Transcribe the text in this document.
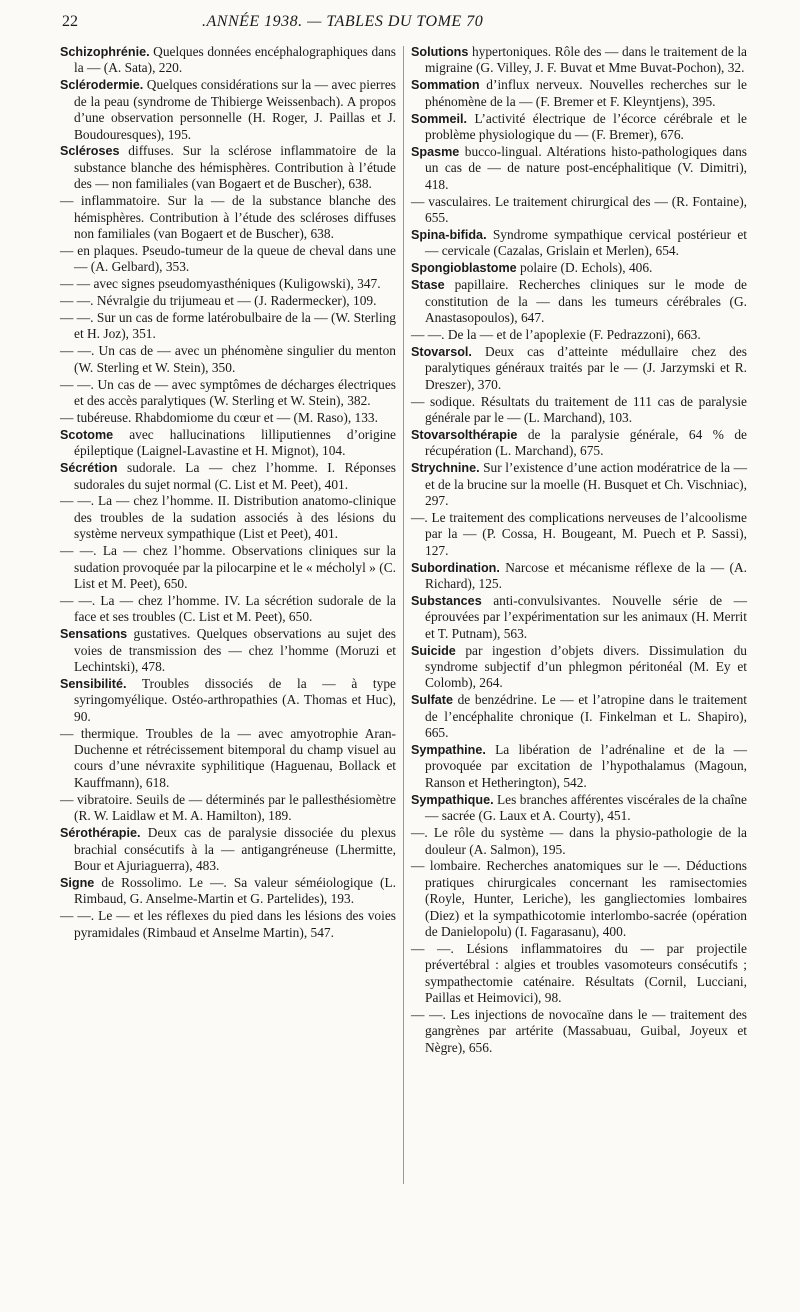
22	.ANNÉE 1938. — TABLES DU TOME 70

Schizophrénie. Quelques données encéphalographiques dans la — (A. Sata), 220.

Sclérodermie. Quelques considérations sur la — avec pierres de la peau (syndrome de Thibierge Weissenbach). A propos d’une observation personnelle (H. Roger, J. Paillas et J. Boudouresques), 195.

Scléroses diffuses. Sur la sclérose inflammatoire de la substance blanche des hémisphères. Contribution à l’étude des — non familiales (van Bogaert et de Buscher), 638.

— inflammatoire. Sur la — de la substance blanche des hémisphères. Contribution à l’étude des scléroses diffuses non familiales (van Bogaert et de Buscher), 638.

— en plaques. Pseudo-tumeur de la queue de cheval dans une — (A. Gelbard), 353.

— — avec signes pseudomyasthéniques (Kuligowski), 347.

— —. Névralgie du trijumeau et — (J. Radermecker), 109.

— —. Sur un cas de forme latérobulbaire de la — (W. Sterling et H. Joz), 351.

— —. Un cas de — avec un phénomène singulier du menton (W. Sterling et W. Stein), 350.

— —. Un cas de — avec symptômes de décharges électriques et des accès paralytiques (W. Sterling et W. Stein), 382.

— tubéreuse. Rhabdomiome du cœur et — (M. Raso), 133.

Scotome avec hallucinations lilliputiennes d’origine épileptique (Laignel-Lavastine et H. Mignot), 104.

Sécrétion sudorale. La — chez l’homme. I. Réponses sudorales du sujet normal (C. List et M. Peet), 401.

— —. La — chez l’homme. II. Distribution anatomo-clinique des troubles de la sudation associés à des lésions du système nerveux sympathique (List et Peet), 401.

— —. La — chez l’homme. Observations cliniques sur la sudation provoquée par la pilocarpine et le « mécholyl » (C. List et M. Peet), 650.

— —. La — chez l’homme. IV. La sécrétion sudorale de la face et ses troubles (C. List et M. Peet), 650.

Sensations gustatives. Quelques observations au sujet des voies de transmission des — chez l’homme (Moruzi et Lechintski), 478.

Sensibilité. Troubles dissociés de la — à type syringomyélique. Ostéo-arthropathies (A. Thomas et Huc), 90.

— thermique. Troubles de la — avec amyotrophie Aran-Duchenne et rétrécissement bitemporal du champ visuel au cours d’une névraxite syphilitique (Haguenau, Bollack et Kauffmann), 618.

— vibratoire. Seuils de — déterminés par le pallesthésiomètre (R. W. Laidlaw et M. A. Hamilton), 189.

Sérothérapie. Deux cas de paralysie dissociée du plexus brachial consécutifs à la — antigangréneuse (Lhermitte, Bour et Ajuriaguerra), 483.

Signe de Rossolimo. Le —. Sa valeur séméiologique (L. Rimbaud, G. Anselme-Martin et G. Partelides), 193.

— —. Le — et les réflexes du pied dans les lésions des voies pyramidales (Rimbaud et Anselme Martin), 547.

Solutions hypertoniques. Rôle des — dans le traitement de la migraine (G. Villey, J. F. Buvat et Mme Buvat-Pochon), 32.

Sommation d’influx nerveux. Nouvelles recherches sur le phénomène de la — (F. Bremer et F. Kleyntjens), 395.

Sommeil. L’activité électrique de l’écorce cérébrale et le problème physiologique du — (F. Bremer), 676.

Spasme bucco-lingual. Altérations histo-pathologiques dans un cas de — de nature post-encéphalitique (V. Dimitri), 418.

— vasculaires. Le traitement chirurgical des — (R. Fontaine), 655.

Spina-bifida. Syndrome sympathique cervical postérieur et — cervicale (Cazalas, Grislain et Merlen), 654.

Spongioblastome polaire (D. Echols), 406.

Stase papillaire. Recherches cliniques sur le mode de constitution de la — dans les tumeurs cérébrales (G. Anastasopoulos), 647.

— —. De la — et de l’apoplexie (F. Pedrazzoni), 663.

Stovarsol. Deux cas d’atteinte médullaire chez des paralytiques généraux traités par le — (J. Jarzymski et R. Dreszer), 370.

— sodique. Résultats du traitement de 111 cas de paralysie générale par le — (L. Marchand), 103.

Stovarsolthérapie de la paralysie générale, 64 % de récupération (L. Marchand), 675.

Strychnine. Sur l’existence d’une action modératrice de la — et de la brucine sur la moelle (H. Busquet et Ch. Vischniac), 297.

—. Le traitement des complications nerveuses de l’alcoolisme par la — (P. Cossa, H. Bougeant, M. Puech et P. Sassi), 127.

Subordination. Narcose et mécanisme réflexe de la — (A. Richard), 125.

Substances anti-convulsivantes. Nouvelle série de — éprouvées par l’expérimentation sur les animaux (H. Merrit et T. Putnam), 563.

Suicide par ingestion d’objets divers. Dissimulation du syndrome subjectif d’un phlegmon péritonéal (M. Ey et Colomb), 264.

Sulfate de benzédrine. Le — et l’atropine dans le traitement de l’encéphalite chronique (I. Finkelman et L. Shapiro), 665.

Sympathine. La libération de l’adrénaline et de la — provoquée par excitation de l’hypothalamus (Magoun, Ranson et Hetherington), 542.

Sympathique. Les branches afférentes viscérales de la chaîne — sacrée (G. Laux et A. Courty), 451.

—. Le rôle du système — dans la physio-pathologie de la douleur (A. Salmon), 195.

— lombaire. Recherches anatomiques sur le —. Déductions pratiques chirurgicales concernant les ramisectomies (Royle, Hunter, Leriche), les gangliectomies lombaires (Diez) et la sympathicotomie interlombo-sacrée (opération de Danielopolu) (I. Fagarasanu), 400.

— —. Lésions inflammatoires du — par projectile prévertébral : algies et troubles vasomoteurs consécutifs ; sympathectomie caténaire. Résultats (Cornil, Lucciani, Paillas et Heimovici), 98.

— —. Les injections de novocaïne dans le — traitement des gangrènes par artérite (Massabuau, Guibal, Joyeux et Nègre), 656.
